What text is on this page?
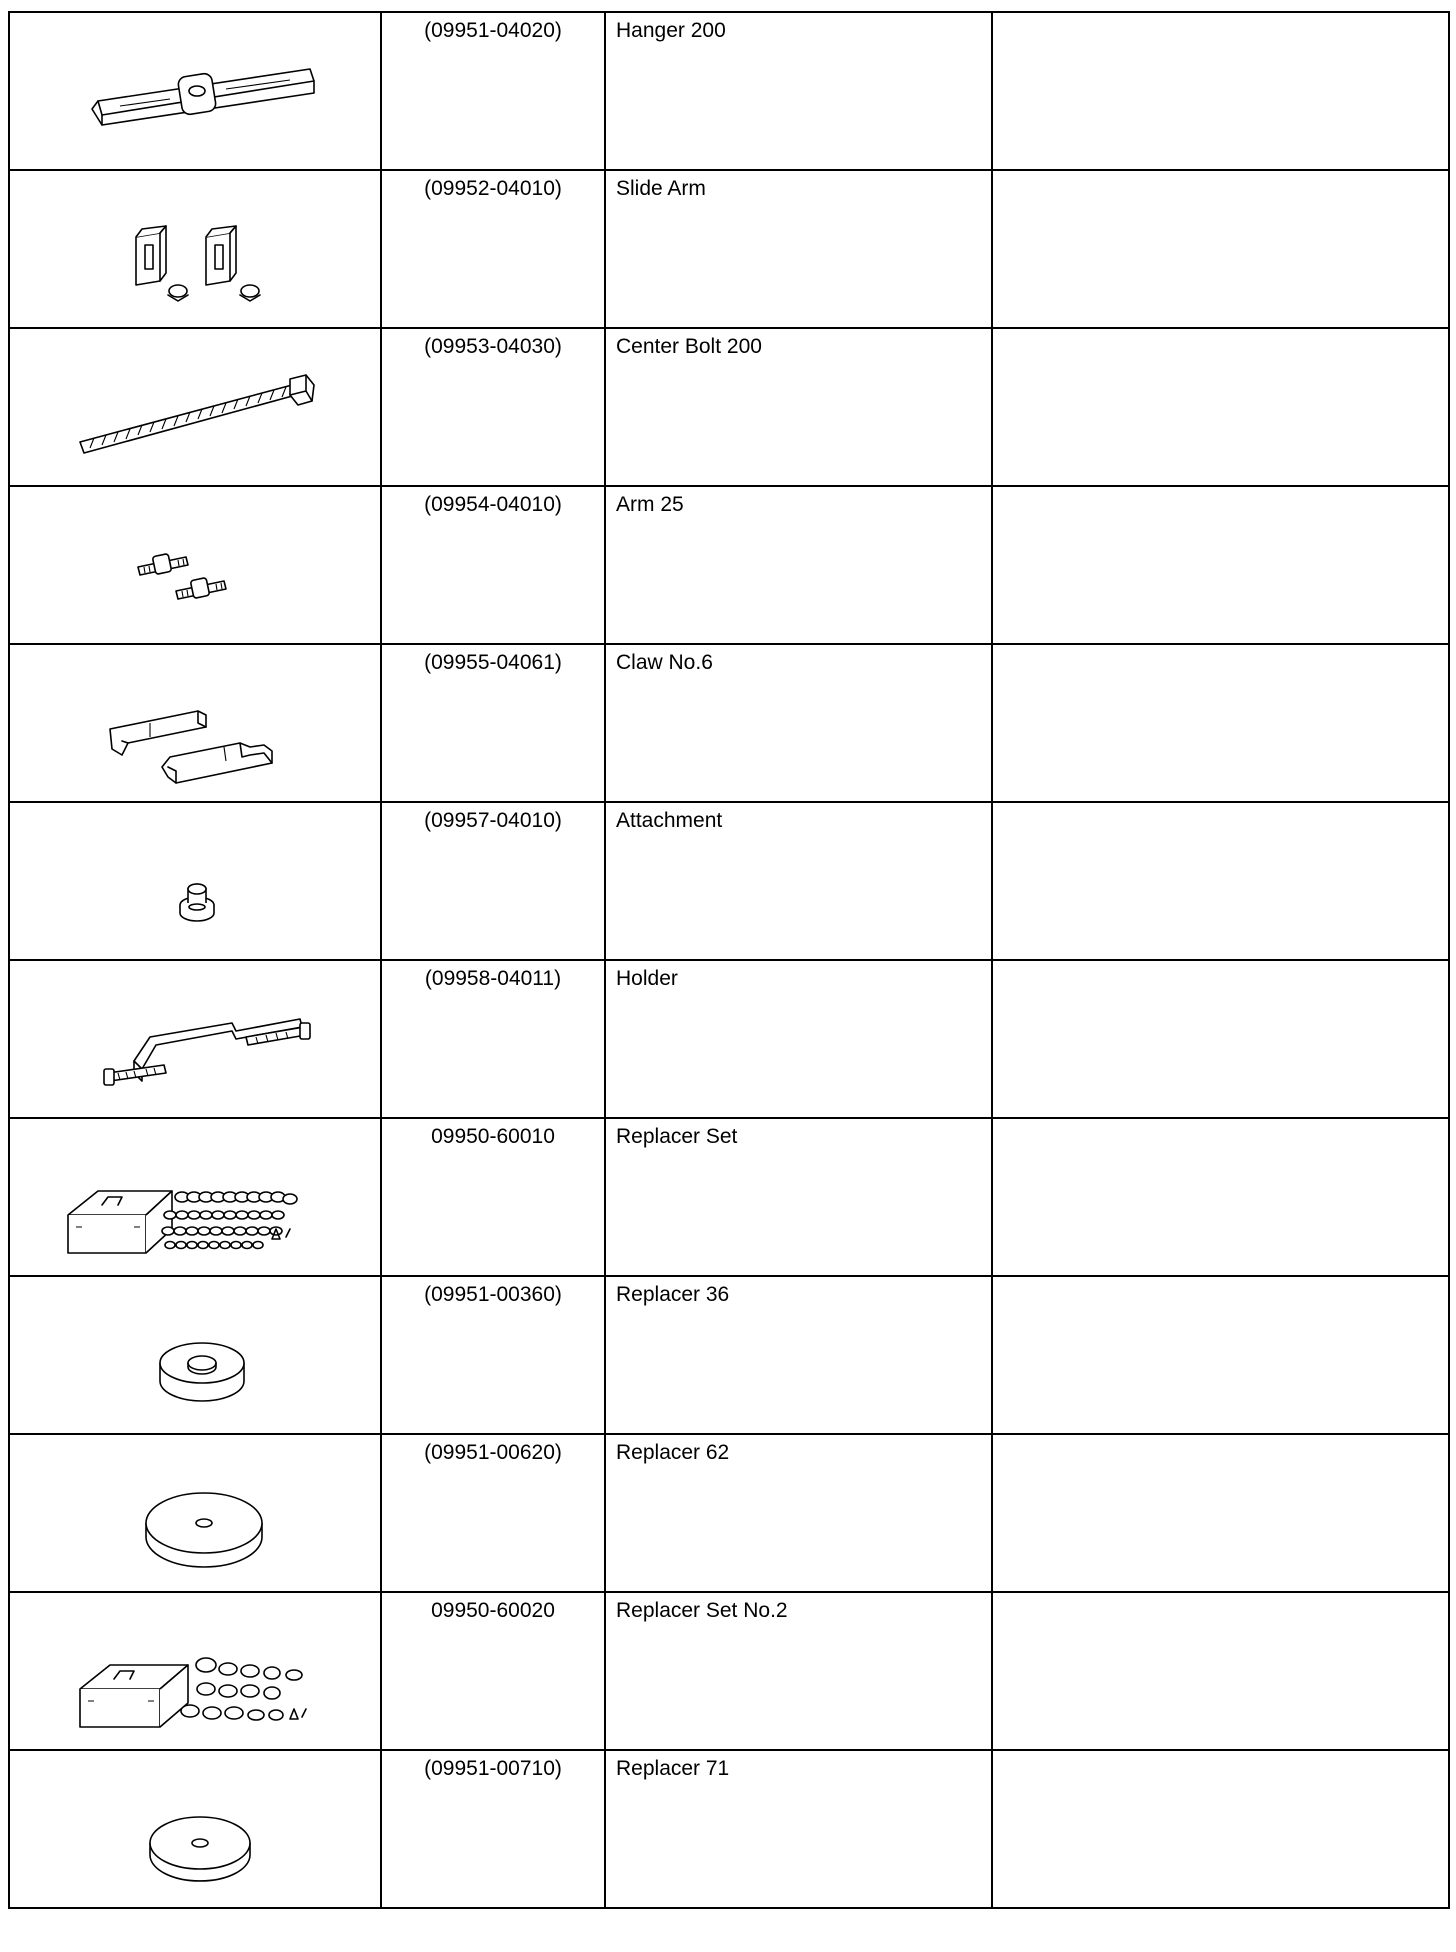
	(09951-04020)	Hanger 200	

	(09952-04010)	Slide Arm	

	(09953-04030)	Center Bolt 200	

	(09954-04010)	Arm 25	

	(09955-04061)	Claw No.6	

	(09957-04010)	Attachment	

	(09958-04011)	Holder	

	09950-60010	Replacer Set	

	(09951-00360)	Replacer 36	

	(09951-00620)	Replacer 62	

	09950-60020	Replacer Set No.2	

	(09951-00710)	Replacer 71	
